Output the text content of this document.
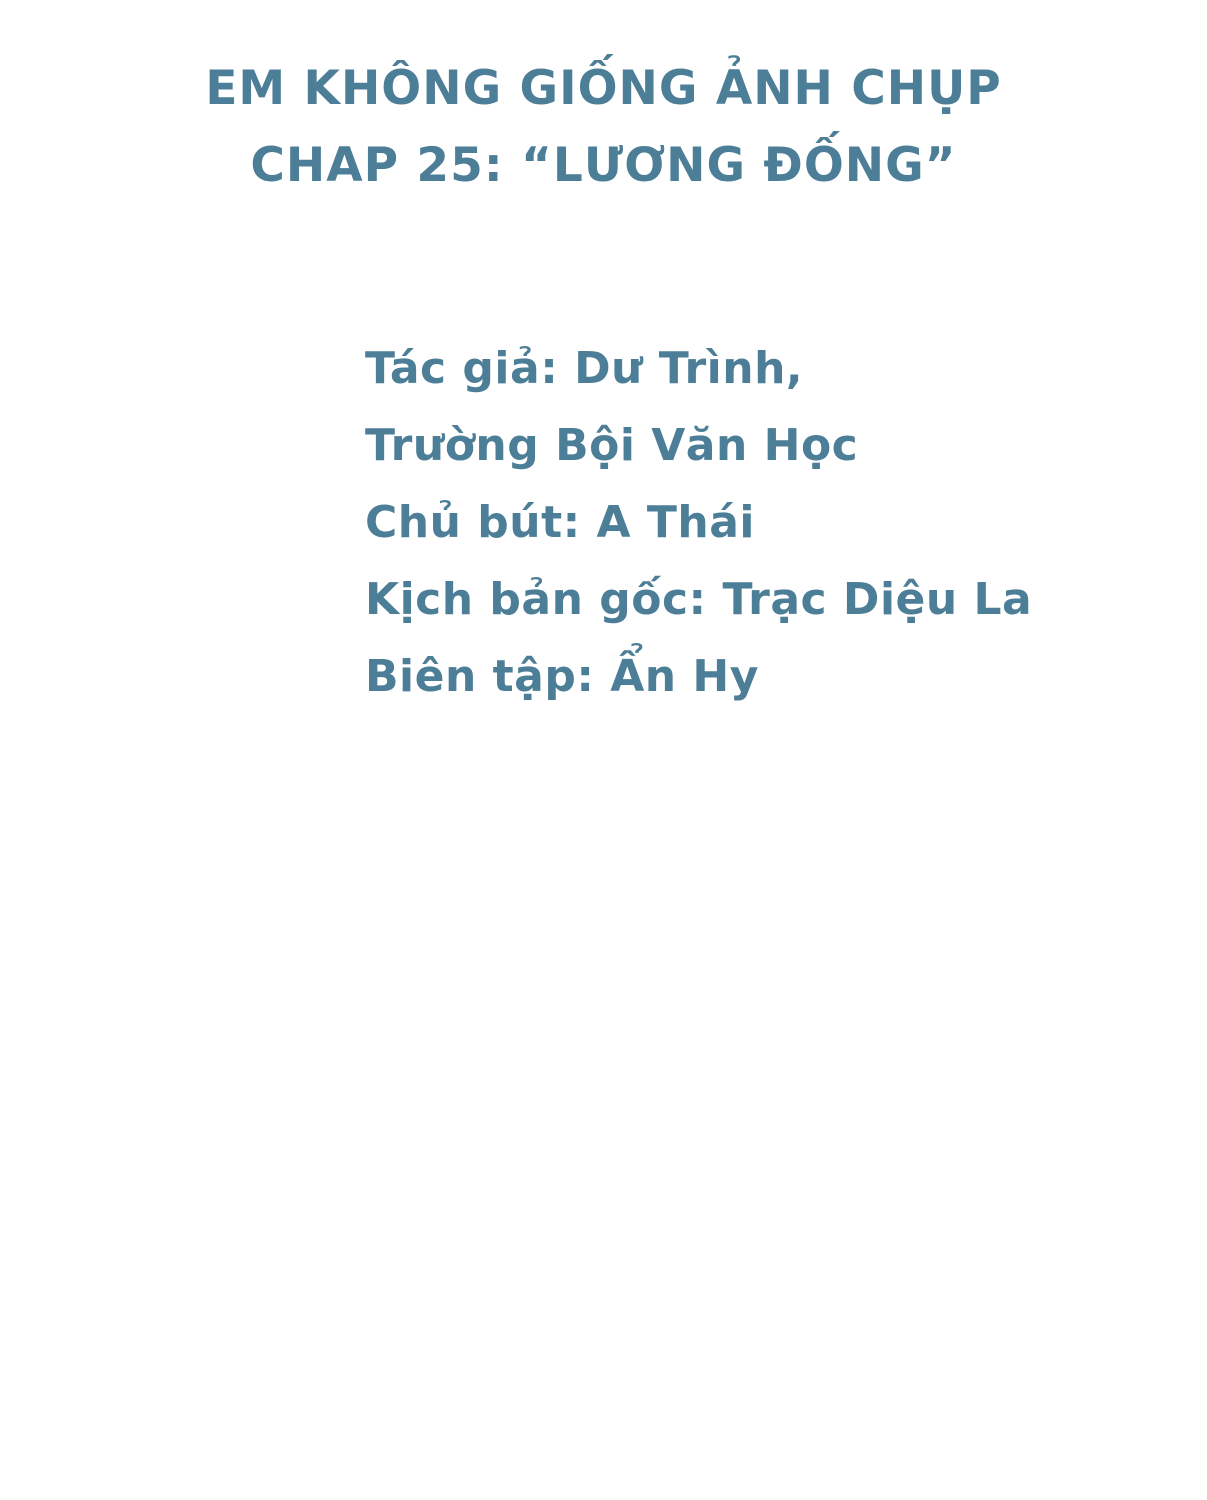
EM KHÔNG GIỐNG ẢNH CHỤP
CHAP 25: “LƯƠNG ĐỐNG”
Tác giả: Dư Trình,
Trường Bội Văn Học
Chủ bút: A Thái
Kịch bản gốc: Trạc Diệu La
Biên tập: Ẩn Hy
